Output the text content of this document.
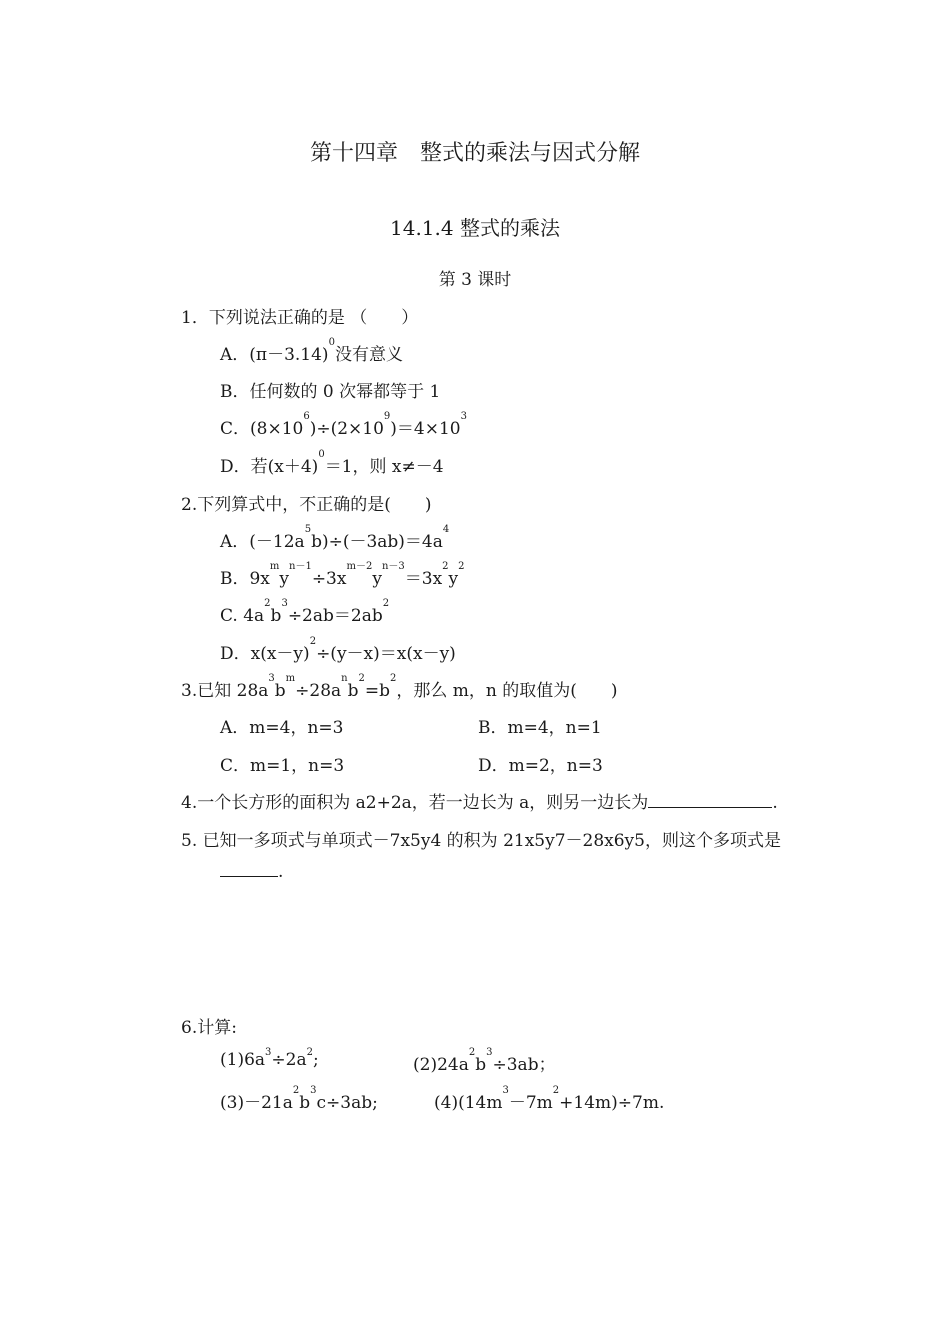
第十四章　整式的乘法与因式分解
14.1.4 整式的乘法
第 3 课时
1．下列说法正确的是 （　　）
A．$(\pi-3.14)^0$没有意义
B．任何数的 0 次幂都等于 1
C．$(8\times 10^6)\div(2\times 10^9)=4\times 10^3$
D．若$(x+4)^0=1$，则 x≠－4
2.下列算式中，不正确的是(　　)
A．$(-12a^5b)\div(-3ab)=4a^4$
B．$9x^my^{n-1}\div 3x^{m-2}y^{n-3}=3x^2y^2$
C. $4a^2b^3\div 2ab=2ab^2$
D．$x(x-y)^2\div(y-x)=x(x-y)$
3.已知 $28a^3b^m\div 28a^nb^2=b^2$，那么 m，n 的取值为(　　)
A．m=4，n=3	B．m=4，n=1
C．m=1，n=3	D．m=2，n=3
4.一个长方形的面积为 a2+2a，若一边长为 a，则另一边长为	.
5. 已知一多项式与单项式－7x5y4 的积为 21x5y7－28x6y5，则这个多项式是
.
6.计算:
$(1)6a^3\div 2a^2$;	$(2)24a^2b^3\div 3ab$；
$(3)-21a^2b^3c\div 3ab$;	$(4)(14m^3-7m^2+14m)\div 7m$.
